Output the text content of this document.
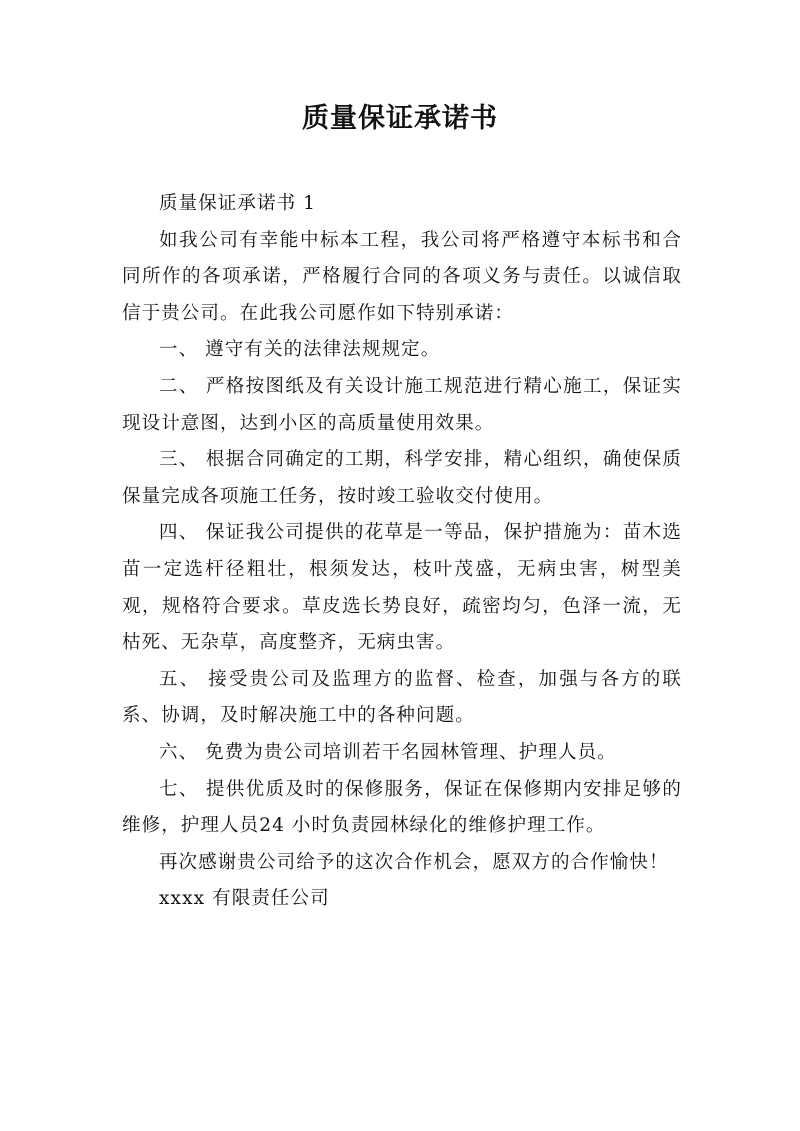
质量保证承诺书

质量保证承诺书 1

如我公司有幸能中标本工程，我公司将严格遵守本标书和合同所作的各项承诺，严格履行合同的各项义务与责任。以诚信取信于贵公司。在此我公司愿作如下特别承诺：

一、 遵守有关的法律法规规定。

二、 严格按图纸及有关设计施工规范进行精心施工，保证实现设计意图，达到小区的高质量使用效果。

三、 根据合同确定的工期，科学安排，精心组织，确使保质保量完成各项施工任务，按时竣工验收交付使用。

四、 保证我公司提供的花草是一等品，保护措施为：苗木选苗一定选杆径粗壮，根须发达，枝叶茂盛，无病虫害，树型美观，规格符合要求。草皮选长势良好，疏密均匀，色泽一流，无枯死、无杂草，高度整齐，无病虫害。

五、 接受贵公司及监理方的监督、检查，加强与各方的联系、协调，及时解决施工中的各种问题。

六、 免费为贵公司培训若干名园林管理、护理人员。

七、 提供优质及时的保修服务，保证在保修期内安排足够的维修，护理人员24 小时负责园林绿化的维修护理工作。

再次感谢贵公司给予的这次合作机会，愿双方的合作愉快！

xxxx 有限责任公司
